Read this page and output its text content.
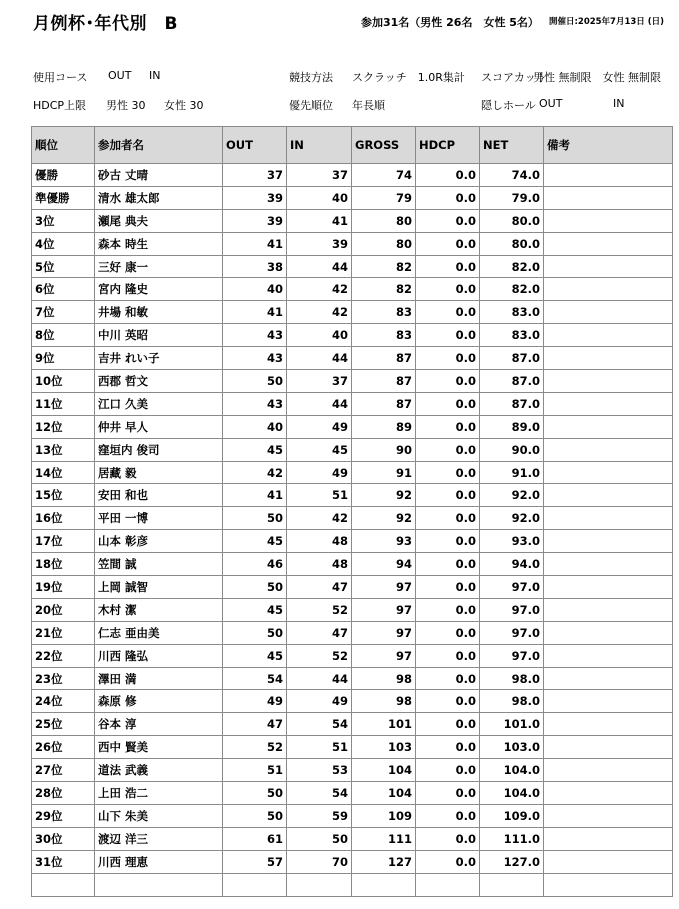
月例杯･年代別　B	参加31名（男性 26名　女性 5名） 開催日:2025年7月13日 (日)
使用コース OUT IN	競技方法 スクラッチ　1.0R集計 スコアカット
男性 無制限　女性 無制限
HDCP上限 男性 30 女性 30	優先順位 年長順	隠しホール OUT	IN
順位	参加者名	OUT	IN	GROSS	HDCP	NET	備考
優勝	砂古 丈晴	37	37	74	0.0	74.0	
準優勝	清水 雄太郎	39	40	79	0.0	79.0	
3位	瀬尾 典夫	39	41	80	0.0	80.0	
4位	森本 時生	41	39	80	0.0	80.0	
5位	三好 康一	38	44	82	0.0	82.0	
6位	宮内 隆史	40	42	82	0.0	82.0	
7位	井場 和敏	41	42	83	0.0	83.0	
8位	中川 英昭	43	40	83	0.0	83.0	
9位	吉井 れい子	43	44	87	0.0	87.0	
10位	西郡 哲文	50	37	87	0.0	87.0	
11位	江口 久美	43	44	87	0.0	87.0	
12位	仲井 早人	40	49	89	0.0	89.0	
13位	窪垣内 俊司	45	45	90	0.0	90.0	
14位	居藏 毅	42	49	91	0.0	91.0	
15位	安田 和也	41	51	92	0.0	92.0	
16位	平田 一博	50	42	92	0.0	92.0	
17位	山本 彰彦	45	48	93	0.0	93.0	
18位	笠間 誠	46	48	94	0.0	94.0	
19位	上岡 誠智	50	47	97	0.0	97.0	
20位	木村 潔	45	52	97	0.0	97.0	
21位	仁志 亜由美	50	47	97	0.0	97.0	
22位	川西 隆弘	45	52	97	0.0	97.0	
23位	澤田 満	54	44	98	0.0	98.0	
24位	森原 修	49	49	98	0.0	98.0	
25位	谷本 淳	47	54	101	0.0	101.0	
26位	西中 賢美	52	51	103	0.0	103.0	
27位	道法 武義	51	53	104	0.0	104.0	
28位	上田 浩二	50	54	104	0.0	104.0	
29位	山下 朱美	50	59	109	0.0	109.0	
30位	渡辺 洋三	61	50	111	0.0	111.0	
31位	川西 理恵	57	70	127	0.0	127.0	
